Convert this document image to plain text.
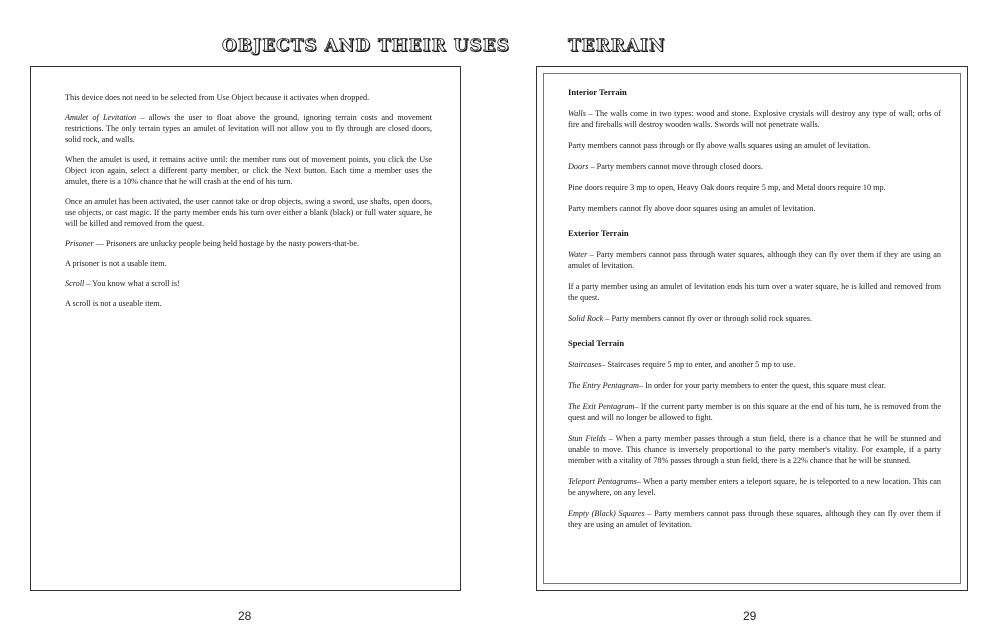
OBJECTS AND THEIR USES

This device does not need to be selected from Use Object because it activates when dropped.

Amulet of Levitation – allows the user to float above the ground, ignoring terrain costs and movement restrictions. The only terrain types an amulet of levitation will not allow you to fly through are closed doors, solid rock, and walls.

When the amulet is used, it remains active until: the member runs out of movement points, you click the Use Object icon again, select a different party member, or click the Next button. Each time a member uses the amulet, there is a 10% chance that he will crash at the end of his turn.

Once an amulet has been activated, the user cannot take or drop objects, swing a sword, use shafts, open doors, use objects, or cast magic. If the party member ends his turn over either a blank (black) or full water square, he will be killed and removed from the quest.

Prisoner — Prisoners are unlucky people being held hostage by the nasty powers-that-be.

A prisoner is not a usable item.

Scroll – You know what a scroll is!

A scroll is not a useable item.

28
TERRAIN
Interior Terrain

Walls – The walls come in two types: wood and stone. Explosive crystals will destroy any type of wall; orbs of fire and fireballs will destroy wooden walls. Swords will not penetrate walls.

Party members cannot pass through or fly above walls squares using an amulet of levitation.

Doors – Party members cannot move through closed doors.

Pine doors require 3 mp to open, Heavy Oak doors require 5 mp, and Metal doors require 10 mp.

Party members cannot fly above door squares using an amulet of levitation.

Exterior Terrain

Water – Party members cannot pass through water squares, although they can fly over them if they are using an amulet of levitation.

If a party member using an amulet of levitation ends his turn over a water square, he is killed and removed from the quest.

Solid Rock – Party members cannot fly over or through solid rock squares.

Special Terrain

Staircases– Staircases require 5 mp to enter, and another 5 mp to use.

The Entry Pentagram– In order for your party members to enter the quest, this square must clear.

The Exit Pentagram– If the current party member is on this square at the end of his turn, he is removed from the quest and will no longer be allowed to fight.

Stun Fields – When a party member passes through a stun field, there is a chance that he will be stunned and unable to move. This chance is inversely proportional to the party member's vitality. For example, if a party member with a vitality of 78% passes through a stun field, there is a 22% chance that he will be stunned.

Teleport Pentagrams– When a party member enters a teleport square, he is teleported to a new location. This can be anywhere, on any level.

Empty (Black) Squares – Party members cannot pass through these squares, although they can fly over them if they are using an amulet of levitation.

29
